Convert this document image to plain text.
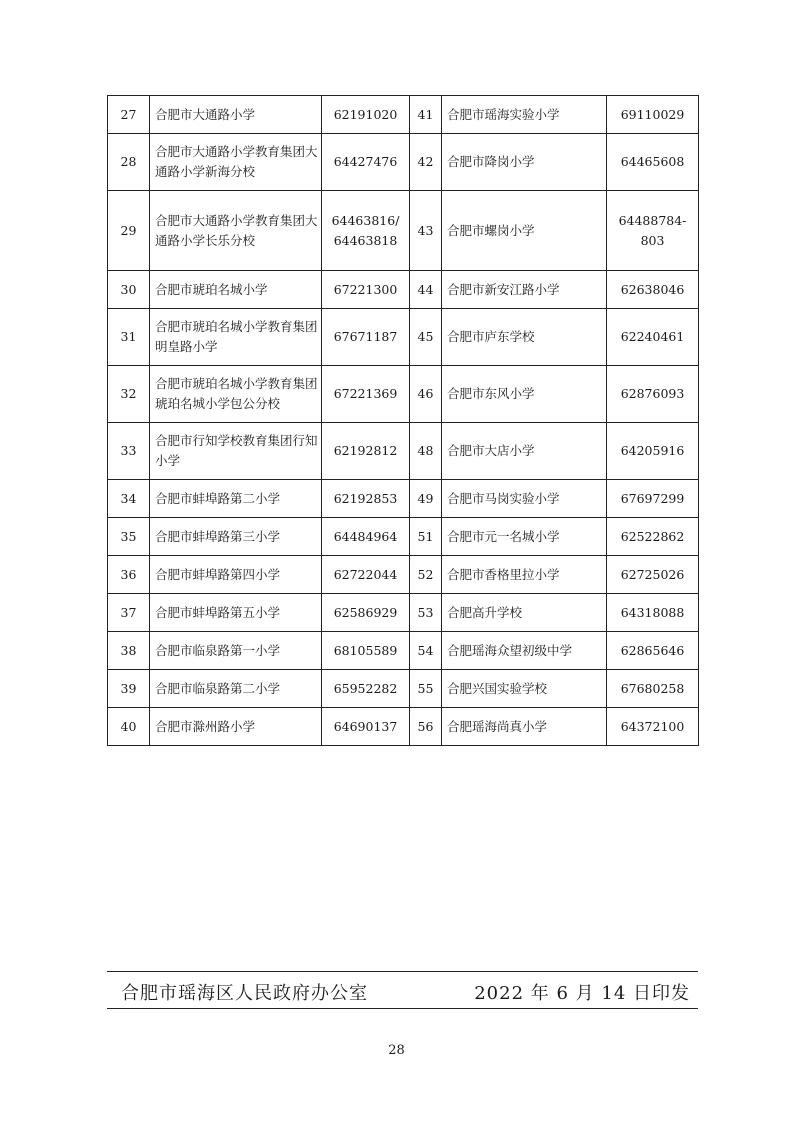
27	合肥市大通路小学	62191020	41	合肥市瑶海实验小学	69110029
28	合肥市大通路小学教育集团大通路小学新海分校	64427476	42	合肥市降岗小学	64465608
29	合肥市大通路小学教育集团大通路小学长乐分校	64463816/ 64463818	43	合肥市螺岗小学	64488784-803
30	合肥市琥珀名城小学	67221300	44	合肥市新安江路小学	62638046
31	合肥市琥珀名城小学教育集团明皇路小学	67671187	45	合肥市庐东学校	62240461
32	合肥市琥珀名城小学教育集团琥珀名城小学包公分校	67221369	46	合肥市东风小学	62876093
33	合肥市行知学校教育集团行知小学	62192812	48	合肥市大店小学	64205916
34	合肥市蚌埠路第二小学	62192853	49	合肥市马岗实验小学	67697299
35	合肥市蚌埠路第三小学	64484964	51	合肥市元一名城小学	62522862
36	合肥市蚌埠路第四小学	62722044	52	合肥市香格里拉小学	62725026
37	合肥市蚌埠路第五小学	62586929	53	合肥高升学校	64318088
38	合肥市临泉路第一小学	68105589	54	合肥瑶海众望初级中学	62865646
39	合肥市临泉路第二小学	65952282	55	合肥兴国实验学校	67680258
40	合肥市滁州路小学	64690137	56	合肥瑶海尚真小学	64372100
合肥市瑶海区人民政府办公室	2022 年 6 月 14 日印发
28
